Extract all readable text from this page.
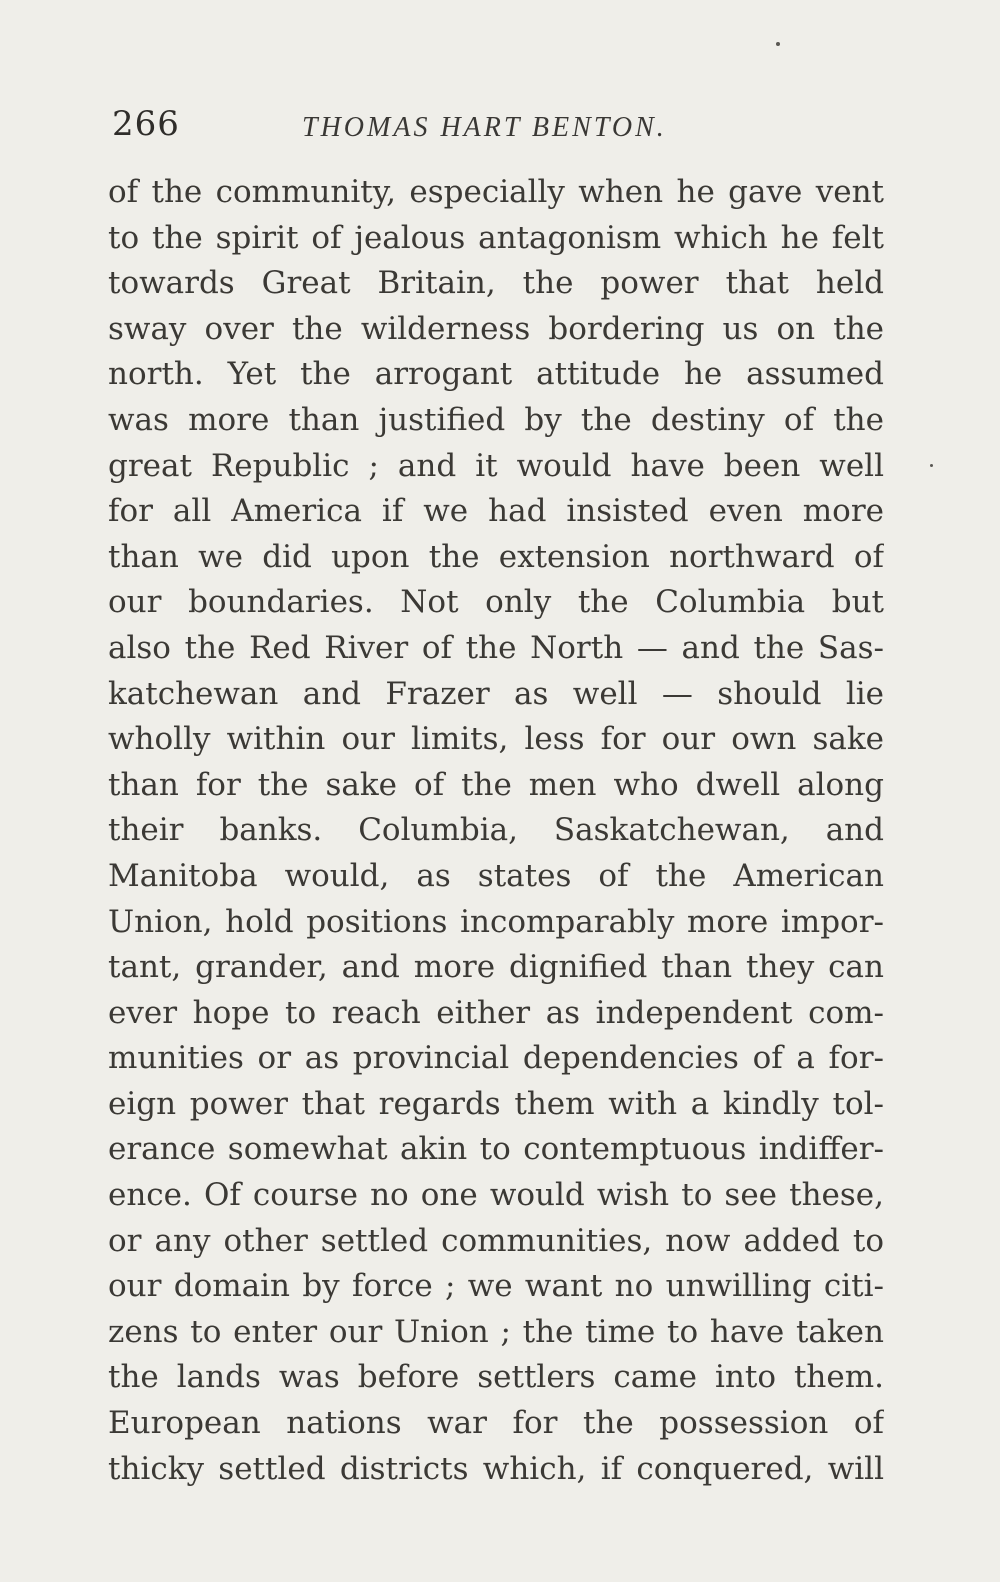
266	THOMAS HART BENTON.
of the community, especially when he gave vent
to the spirit of jealous antagonism which he felt
towards Great Britain, the power that held
sway over the wilderness bordering us on the
north. Yet the arrogant attitude he assumed
was more than justified by the destiny of the
great Republic ; and it would have been well
for all America if we had insisted even more
than we did upon the extension northward of
our boundaries. Not only the Columbia but
also the Red River of the North — and the Sas-
katchewan and Frazer as well — should lie
wholly within our limits, less for our own sake
than for the sake of the men who dwell along
their banks. Columbia, Saskatchewan, and
Manitoba would, as states of the American
Union, hold positions incomparably more impor-
tant, grander, and more dignified than they can
ever hope to reach either as independent com-
munities or as provincial dependencies of a for-
eign power that regards them with a kindly tol-
erance somewhat akin to contemptuous indiffer-
ence. Of course no one would wish to see these,
or any other settled communities, now added to
our domain by force ; we want no unwilling citi-
zens to enter our Union ; the time to have taken
the lands was before settlers came into them.
European nations war for the possession of
thicky settled districts which, if conquered, will
